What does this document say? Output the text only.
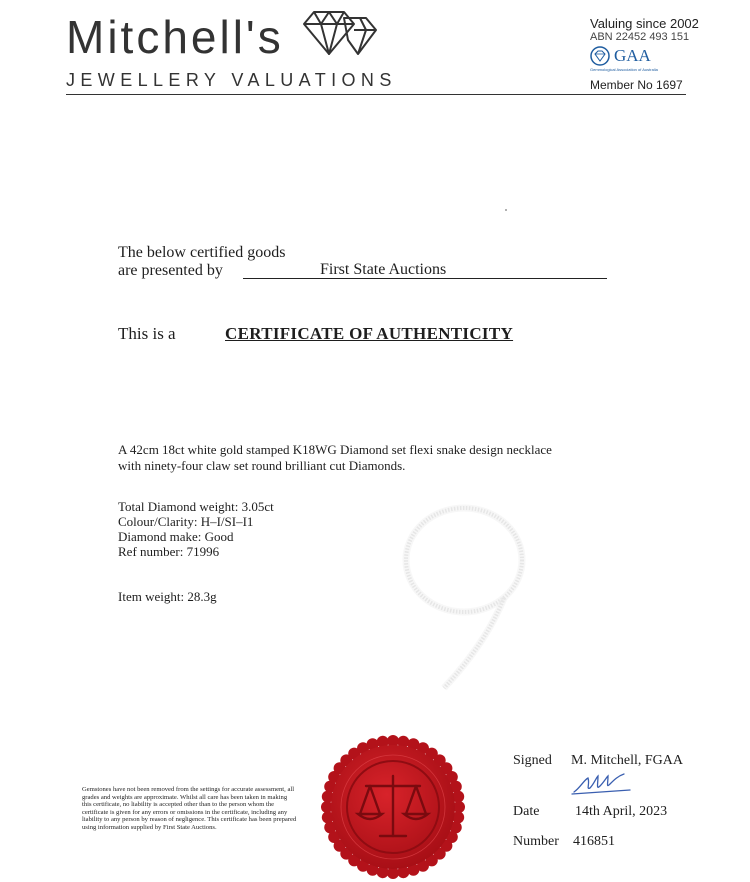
Mitchell's
JEWELLERY VALUATIONS
Valuing since 2002
ABN 22452 493 151
GAA
Gemmological Association of Australia
Member No 1697
The below certified goods
are presented by	First State Auctions
This is a	CERTIFICATE OF AUTHENTICITY
A 42cm 18ct white gold stamped K18WG Diamond set flexi snake design necklace
with ninety-four claw set round brilliant cut Diamonds.
Total Diamond weight: 3.05ct
Colour/Clarity: H–I/SI–I1
Diamond make: Good
Ref number: 71996
Item weight: 28.3g
Gemstones have not been removed from the settings for accurate assessment, all grades and weights are approximate. Whilst all care has been taken in making this certificate, no liability is accepted other than to the person whom the certificate is given for any errors or omissions in the certificate, including any liability to any person by reason of negligence. This certificate has been prepared using information supplied by First State Auctions.
Signed M. Mitchell, FGAA
Date	14th April, 2023
Number 416851
